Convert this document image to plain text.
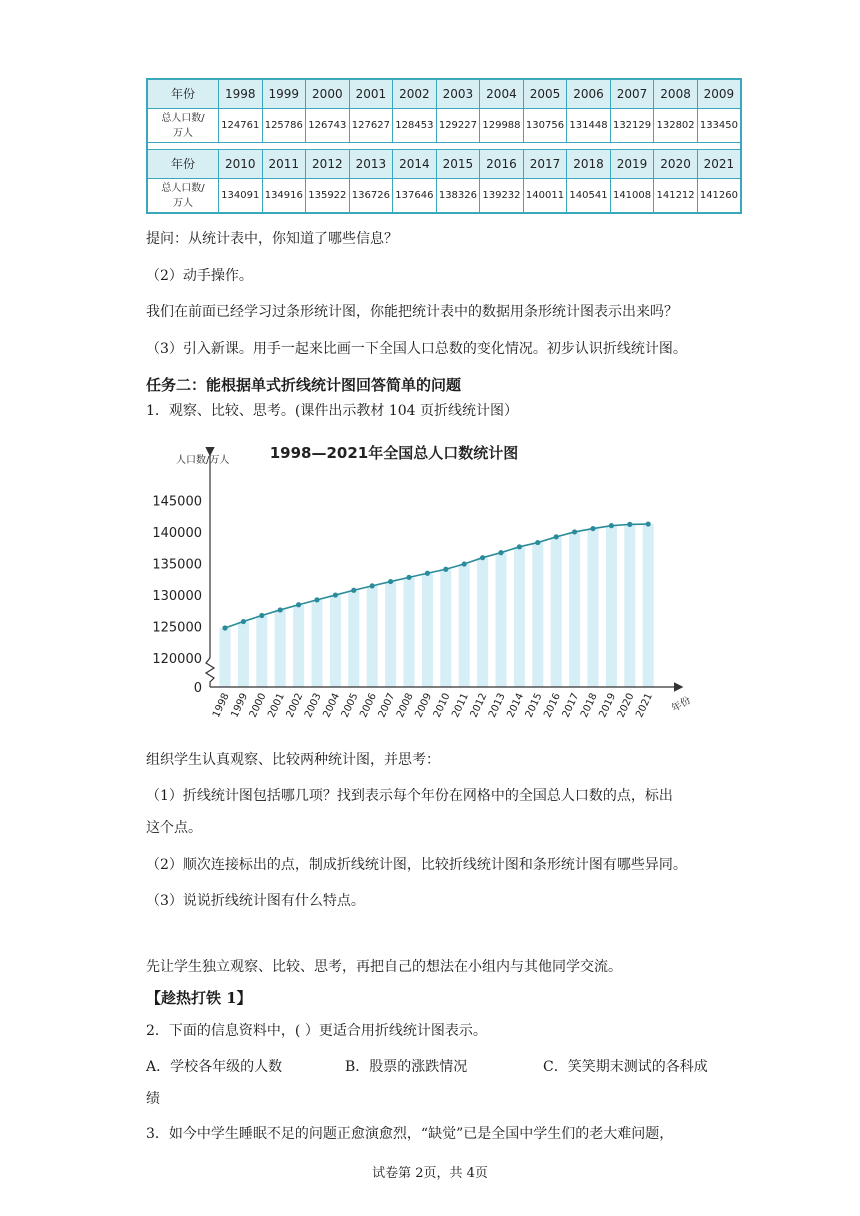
年份	1998	1999	2000	2001	2002	2003	2004	2005	2006	2007	2008	2009
总人口数/
万人	124761	125786	126743	127627	128453	129227	129988	130756	131448	132129	132802	133450

年份	2010	2011	2012	2013	2014	2015	2016	2017	2018	2019	2020	2021
总人口数/
万人	134091	134916	135922	136726	137646	138326	139232	140011	140541	141008	141212	141260

提问：从统计表中，你知道了哪些信息？

（2）动手操作。

我们在前面已经学习过条形统计图，你能把统计表中的数据用条形统计图表示出来吗？

（3）引入新课。用手一起来比画一下全国人口总数的变化情况。初步认识折线统计图。

任务二：能根据单式折线统计图回答简单的问题

1．观察、比较、思考。(课件出示教材 104 页折线统计图）

1998—2021年全国总人口数统计图
人口数/万人
0
120000
125000
130000
135000
140000
145000
1998
1999
2000
2001
2002
2003
2004
2005
2006
2007
2008
2009
2010
2011
2012
2013
2014
2015
2016
2017
2018
2019
2020
2021 年份

组织学生认真观察、比较两种统计图，并思考：

（1）折线统计图包括哪几项？找到表示每个年份在网格中的全国总人口数的点，标出

这个点。

（2）顺次连接标出的点，制成折线统计图，比较折线统计图和条形统计图有哪些异同。

（3）说说折线统计图有什么特点。

先让学生独立观察、比较、思考，再把自己的想法在小组内与其他同学交流。

【趁热打铁 1】

2．下面的信息资料中，( ）更适合用折线统计图表示。

A．学校各年级的人数	B．股票的涨跌情况	C．笑笑期末测试的各科成

绩

3．如今中学生睡眠不足的问题正愈演愈烈，“缺觉”已是全国中学生们的老大难问题，

试卷第 2页，共 4页
